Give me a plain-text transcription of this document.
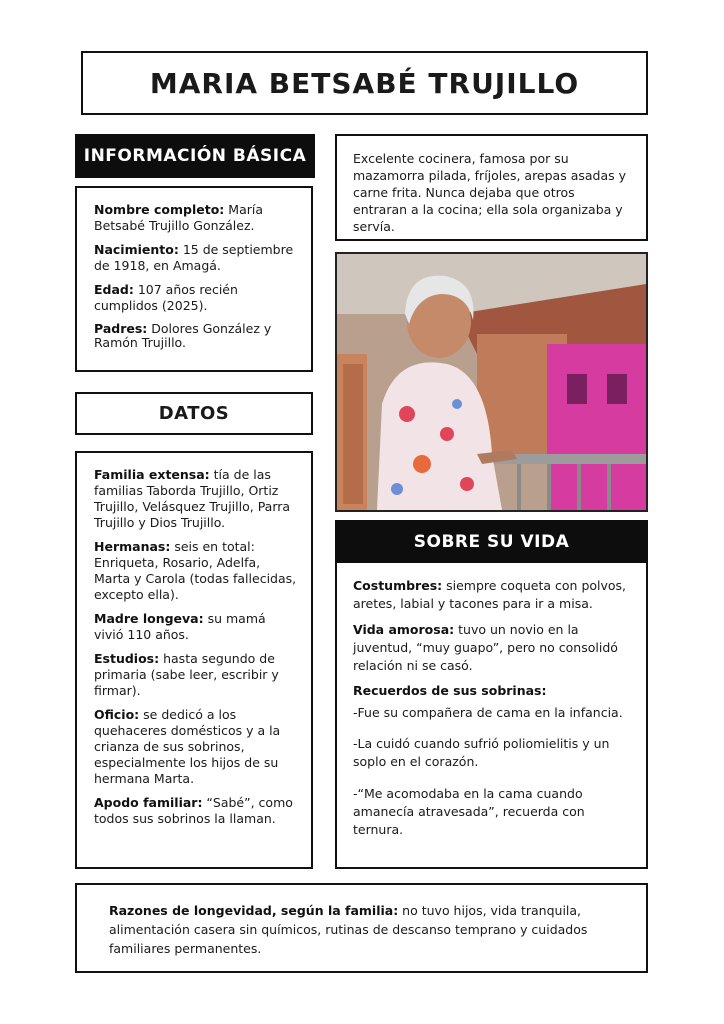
MARIA BETSABÉ TRUJILLO
INFORMACIÓN BÁSICA

Nombre completo: María Betsabé Trujillo González.

Nacimiento: 15 de septiembre de 1918, en Amagá.

Edad: 107 años recién cumplidos (2025).

Padres: Dolores González y Ramón Trujillo.

Excelente cocinera, famosa por su mazamorra pilada, fríjoles, arepas asadas y carne frita. Nunca dejaba que otros entraran a la cocina; ella sola organizaba y servía.

DATOS

Familia extensa: tía de las familias Taborda Trujillo, Ortiz Trujillo, Velásquez Trujillo, Parra Trujillo y Dios Trujillo.

Hermanas: seis en total: Enriqueta, Rosario, Adelfa, Marta y Carola (todas fallecidas, excepto ella).

Madre longeva: su mamá vivió 110 años.

Estudios: hasta segundo de primaria (sabe leer, escribir y firmar).

Oficio: se dedicó a los quehaceres domésticos y a la crianza de sus sobrinos, especialmente los hijos de su hermana Marta.

Apodo familiar: “Sabé”, como todos sus sobrinos la llaman.

SOBRE SU VIDA

Costumbres: siempre coqueta con polvos, aretes, labial y tacones para ir a misa.

Vida amorosa: tuvo un novio en la juventud, “muy guapo”, pero no consolidó relación ni se casó.

Recuerdos de sus sobrinas:

-Fue su compañera de cama en la infancia.

-La cuidó cuando sufrió poliomielitis y un soplo en el corazón.

-“Me acomodaba en la cama cuando amanecía atravesada”, recuerda con ternura.

Razones de longevidad, según la familia: no tuvo hijos, vida tranquila, alimentación casera sin químicos, rutinas de descanso temprano y cuidados familiares permanentes.
